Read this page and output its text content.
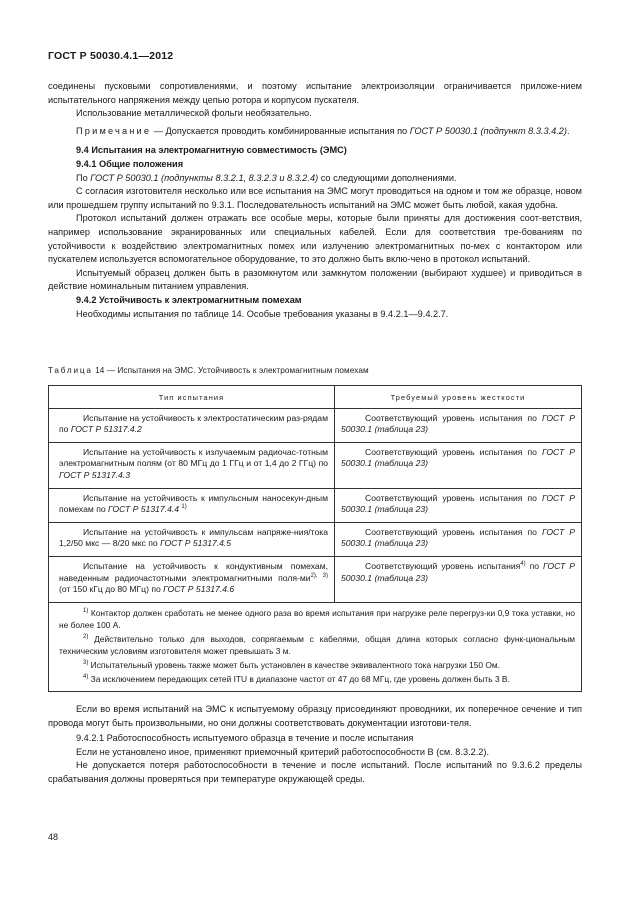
ГОСТ Р 50030.4.1—2012

соединены пусковыми сопротивлениями, и поэтому испытание электроизоляции ограничивается приложе-нием испытательного напряжения между цепью ротора и корпусом пускателя.

Использование металлической фольги необязательно.

Примечание — Допускается проводить комбинированные испытания по ГОСТ Р 50030.1 (подпункт 8.3.3.4.2).

9.4 Испытания на электромагнитную совместимость (ЭМС)

9.4.1 Общие положения

По ГОСТ Р 50030.1 (подпункты 8.3.2.1, 8.3.2.3 и 8.3.2.4) со следующими дополнениями.

С согласия изготовителя несколько или все испытания на ЭМС могут проводиться на одном и том же образце, новом или прошедшем группу испытаний по 9.3.1. Последовательность испытаний на ЭМС может быть любой, какая удобна.

Протокол испытаний должен отражать все особые меры, которые были приняты для достижения соот-ветствия, например использование экранированных или специальных кабелей. Если для соответствия тре-бованиям по устойчивости к воздействию электромагнитных помех или излучению электромагнитных по-мех с контактором или пускателем используется вспомогательное оборудование, то это должно быть вклю-чено в протокол испытаний.

Испытуемый образец должен быть в разомкнутом или замкнутом положении (выбирают худшее) и приводиться в действие номинальным питанием управления.

9.4.2 Устойчивость к электромагнитным помехам

Необходимы испытания по таблице 14. Особые требования указаны в 9.4.2.1—9.4.2.7.

Таблица 14 — Испытания на ЭМС. Устойчивость к электромагнитным помехам
Тип испытания	Требуемый уровень жесткости
Испытание на устойчивость к электростатическим раз-рядам по ГОСТ Р 51317.4.2
Соответствующий уровень испытания по ГОСТ Р 50030.1 (таблица 23)
Испытание на устойчивость к излучаемым радиочас-тотным электромагнитным полям (от 80 МГц до 1 ГГц и от 1,4 до 2 ГГц) по ГОСТ Р 51317.4.3
Соответствующий уровень испытания по ГОСТ Р 50030.1 (таблица 23)
Испытание на устойчивость к импульсным наносекун-дным помехам по ГОСТ Р 51317.4.4 $^{1)}$
Соответствующий уровень испытания по ГОСТ Р 50030.1 (таблица 23)
Испытание на устойчивость к импульсам напряже-ния/тока 1,2/50 мкс — 8/20 мкс по ГОСТ Р 51317.4.5
Соответствующий уровень испытания по ГОСТ Р 50030.1 (таблица 23)
Испытание на устойчивость к кондуктивным помехам, наведенным радиочастотными электромагнитными поля-$ми^{2), 3)}$ (от 150 кГц до 80 МГц) по ГОСТ Р 51317.4.6
Соответствующий уровень испытания$^{4)}$ по ГОСТ Р 50030.1 (таблица 23)

$^{1)}$ Контактор должен сработать не менее одного раза во время испытания при нагрузке реле перегруз-ки 0,9 тока уставки, но не более 100 А.

$^{2)}$ Действительно только для выходов, сопрягаемым с кабелями, общая длина которых согласно функ-циональным техническим условиям изготовителя может превышать 3 м.

$^{3)}$ Испытательный уровень также может быть установлен в качестве эквивалентного тока нагрузки 150 Ом.

$^{4)}$ За исключением передающих сетей ITU в диапазоне частот от 47 до 68 МГц, где уровень должен быть 3 В.

Если во время испытаний на ЭМС к испытуемому образцу присоединяют проводники, их поперечное сечение и тип провода могут быть произвольными, но они должны соответствовать документации изготови-теля.

9.4.2.1 Работоспособность испытуемого образца в течение и после испытания

Если не установлено иное, применяют приемочный критерий работоспособности В (см. 8.3.2.2).

Не допускается потеря работоспособности в течение и после испытаний. После испытаний по 9.3.6.2 пределы срабатывания должны проверяться при температуре окружающей среды.

48
